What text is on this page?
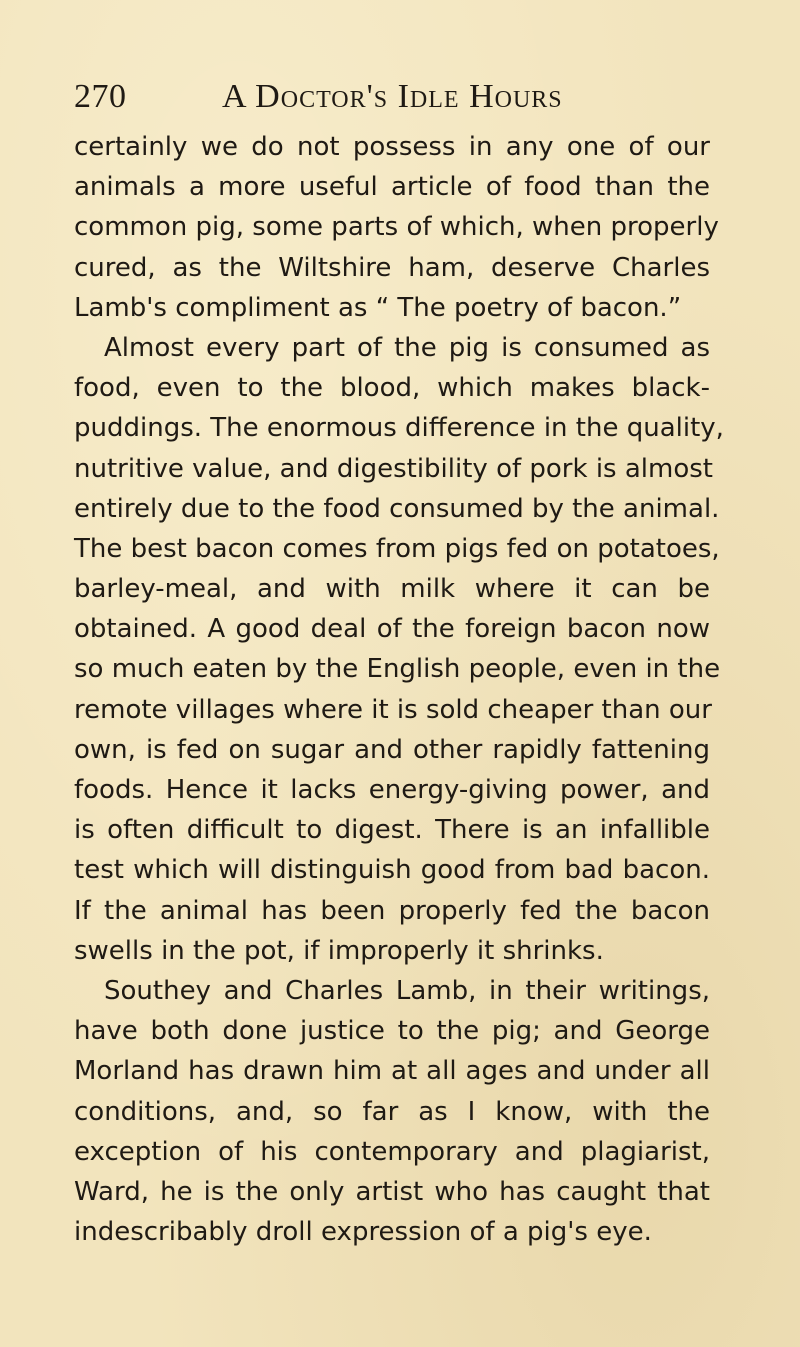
270	A Doctor's Idle Hours
certainly we do not possess in any one of our
animals a more useful article of food than the
common pig, some parts of which, when properly
cured, as the Wiltshire ham, deserve Charles
Lamb's compliment as “ The poetry of bacon.”
Almost every part of the pig is consumed as
food, even to the blood, which makes black-
puddings. The enormous difference in the quality,
nutritive value, and digestibility of pork is almost
entirely due to the food consumed by the animal.
The best bacon comes from pigs fed on potatoes,
barley-meal, and with milk where it can be
obtained. A good deal of the foreign bacon now
so much eaten by the English people, even in the
remote villages where it is sold cheaper than our
own, is fed on sugar and other rapidly fattening
foods. Hence it lacks energy-giving power, and
is often difficult to digest. There is an infallible
test which will distinguish good from bad bacon.
If the animal has been properly fed the bacon
swells in the pot, if improperly it shrinks.
Southey and Charles Lamb, in their writings,
have both done justice to the pig; and George
Morland has drawn him at all ages and under all
conditions, and, so far as I know, with the
exception of his contemporary and plagiarist,
Ward, he is the only artist who has caught that
indescribably droll expression of a pig's eye.
